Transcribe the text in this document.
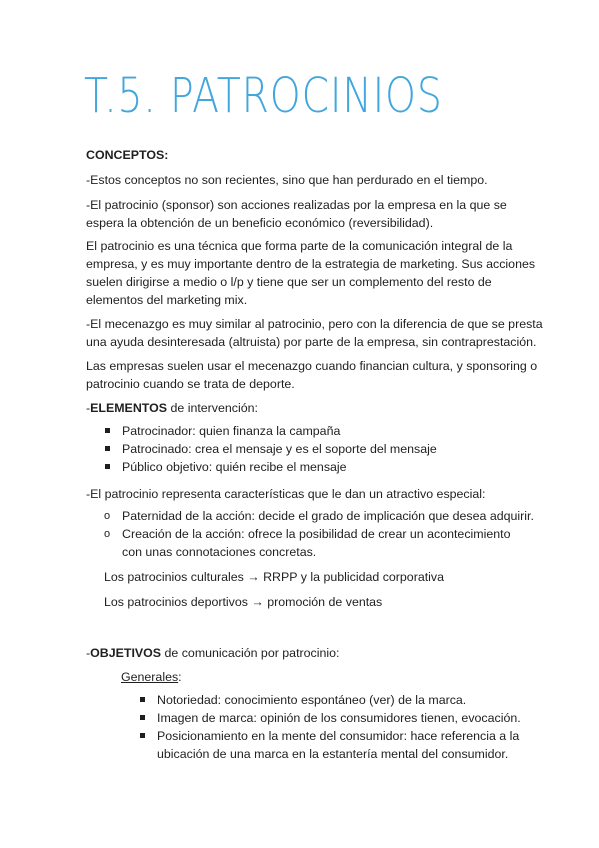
T.5. PATROCINIOS
CONCEPTOS:
-Estos conceptos no son recientes, sino que han perdurado en el tiempo.
-El patrocinio (sponsor) son acciones realizadas por la empresa en la que se
espera la obtención de un beneficio económico (reversibilidad).
El patrocinio es una técnica que forma parte de la comunicación integral de la
empresa, y es muy importante dentro de la estrategia de marketing. Sus acciones
suelen dirigirse a medio o l/p y tiene que ser un complemento del resto de
elementos del marketing mix.
-El mecenazgo es muy similar al patrocinio, pero con la diferencia de que se presta
una ayuda desinteresada (altruista) por parte de la empresa, sin contraprestación.
Las empresas suelen usar el mecenazgo cuando financian cultura, y sponsoring o
patrocinio cuando se trata de deporte.
-ELEMENTOS de intervención:
Patrocinador: quien finanza la campaña
Patrocinado: crea el mensaje y es el soporte del mensaje
Público objetivo: quién recibe el mensaje
-El patrocinio representa características que le dan un atractivo especial:
o Paternidad de la acción: decide el grado de implicación que desea adquirir.
o Creación de la acción: ofrece la posibilidad de crear un acontecimiento
con unas connotaciones concretas.
Los patrocinios culturales → RRPP y la publicidad corporativa
Los patrocinios deportivos → promoción de ventas
-OBJETIVOS de comunicación por patrocinio:
Generales:
Notoriedad: conocimiento espontáneo (ver) de la marca.
Imagen de marca: opinión de los consumidores tienen, evocación.
Posicionamiento en la mente del consumidor: hace referencia a la
ubicación de una marca en la estantería mental del consumidor.
